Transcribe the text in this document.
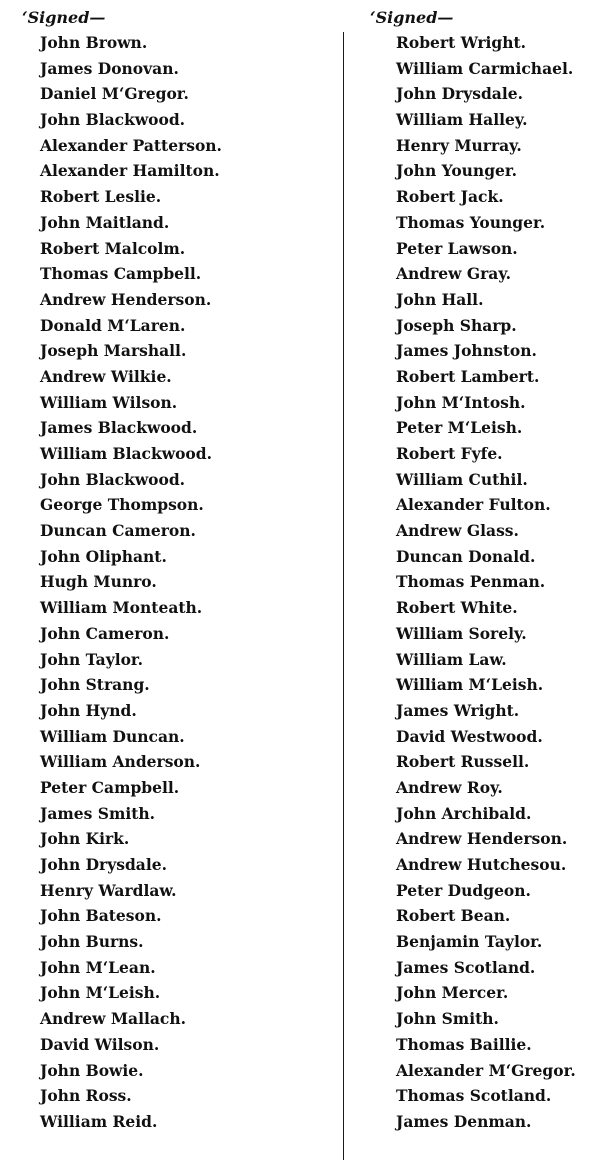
‘Signed—
John Brown.
James Donovan.
Daniel M‘Gregor.
John Blackwood.
Alexander Patterson.
Alexander Hamilton.
Robert Leslie.
John Maitland.
Robert Malcolm.
Thomas Campbell.
Andrew Henderson.
Donald M‘Laren.
Joseph Marshall.
Andrew Wilkie.
William Wilson.
James Blackwood.
William Blackwood.
John Blackwood.
George Thompson.
Duncan Cameron.
John Oliphant.
Hugh Munro.
William Monteath.
John Cameron.
John Taylor.
John Strang.
John Hynd.
William Duncan.
William Anderson.
Peter Campbell.
James Smith.
John Kirk.
John Drysdale.
Henry Wardlaw.
John Bateson.
John Burns.
John M‘Lean.
John M‘Leish.
Andrew Mallach.
David Wilson.
John Bowie.
John Ross.
William Reid.
‘Signed—
Robert Wright.
William Carmichael.
John Drysdale.
William Halley.
Henry Murray.
John Younger.
Robert Jack.
Thomas Younger.
Peter Lawson.
Andrew Gray.
John Hall.
Joseph Sharp.
James Johnston.
Robert Lambert.
John M‘Intosh.
Peter M‘Leish.
Robert Fyfe.
William Cuthil.
Alexander Fulton.
Andrew Glass.
Duncan Donald.
Thomas Penman.
Robert White.
William Sorely.
William Law.
William M‘Leish.
James Wright.
David Westwood.
Robert Russell.
Andrew Roy.
John Archibald.
Andrew Henderson.
Andrew Hutchesou.
Peter Dudgeon.
Robert Bean.
Benjamin Taylor.
James Scotland.
John Mercer.
John Smith.
Thomas Baillie.
Alexander M‘Gregor.
Thomas Scotland.
James Denman.
